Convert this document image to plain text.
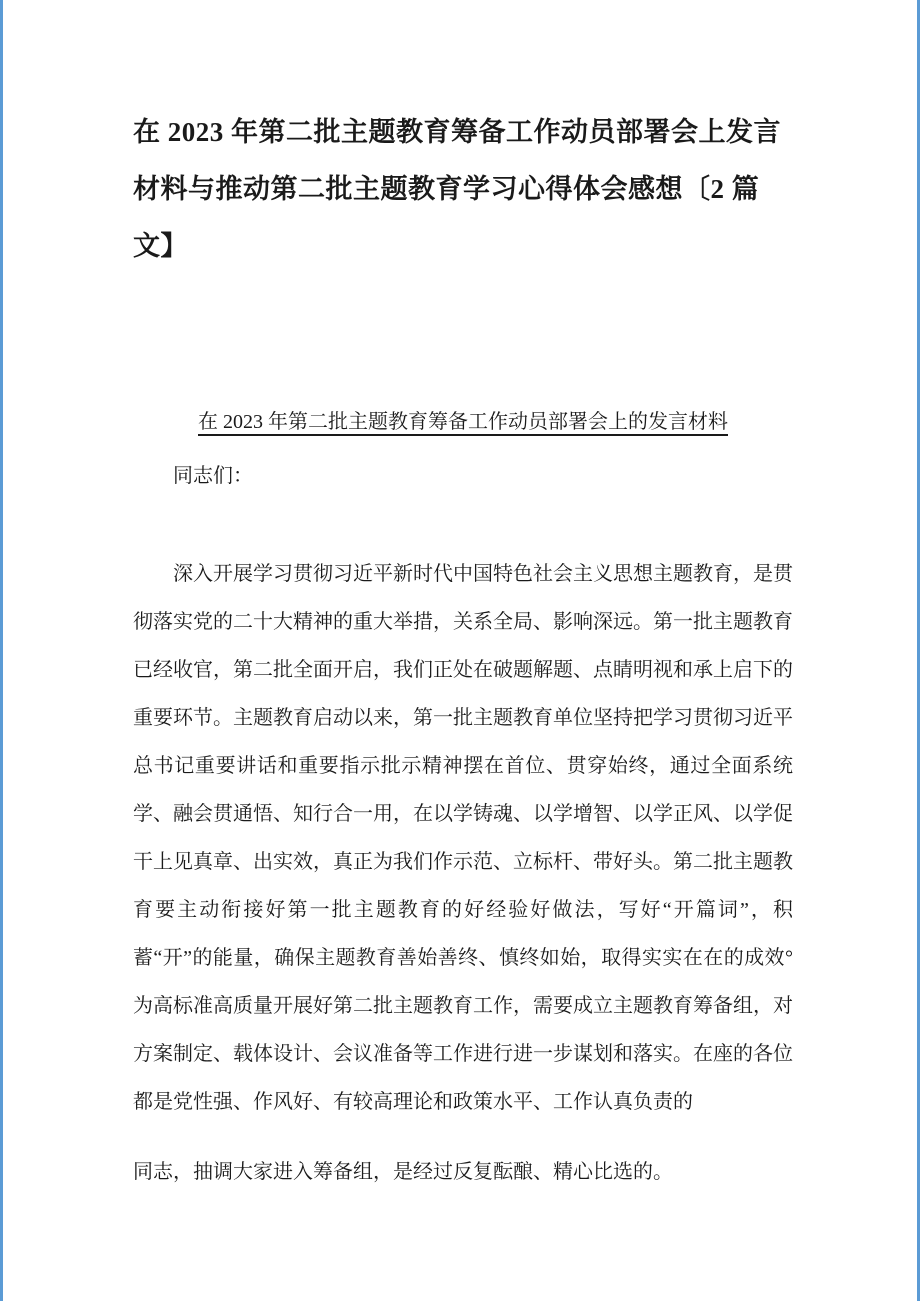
在 2023 年第二批主题教育筹备工作动员部署会上发言材料与推动第二批主题教育学习心得体会感想〔2 篇文】
在 2023 年第二批主题教育筹备工作动员部署会上的发言材料

同志们：

深入开展学习贯彻习近平新时代中国特色社会主义思想主题教育，是贯彻落实党的二十大精神的重大举措，关系全局、影响深远。第一批主题教育已经收官，第二批全面开启，我们正处在破题解题、点睛明视和承上启下的重要环节。主题教育启动以来，第一批主题教育单位坚持把学习贯彻习近平总书记重要讲话和重要指示批示精神摆在首位、贯穿始终，通过全面系统学、融会贯通悟、知行合一用，在以学铸魂、以学增智、以学正风、以学促干上见真章、出实效，真正为我们作示范、立标杆、带好头。第二批主题教育要主动衔接好第一批主题教育的好经验好做法，写好“开篇词”，积蓄“开”的能量，确保主题教育善始善终、慎终如始，取得实实在在的成效°为高标准高质量开展好第二批主题教育工作，需要成立主题教育筹备组，对方案制定、载体设计、会议准备等工作进行进一步谋划和落实。在座的各位都是党性强、作风好、有较高理论和政策水平、工作认真负责的

同志，抽调大家进入筹备组，是经过反复酝酿、精心比选的。
